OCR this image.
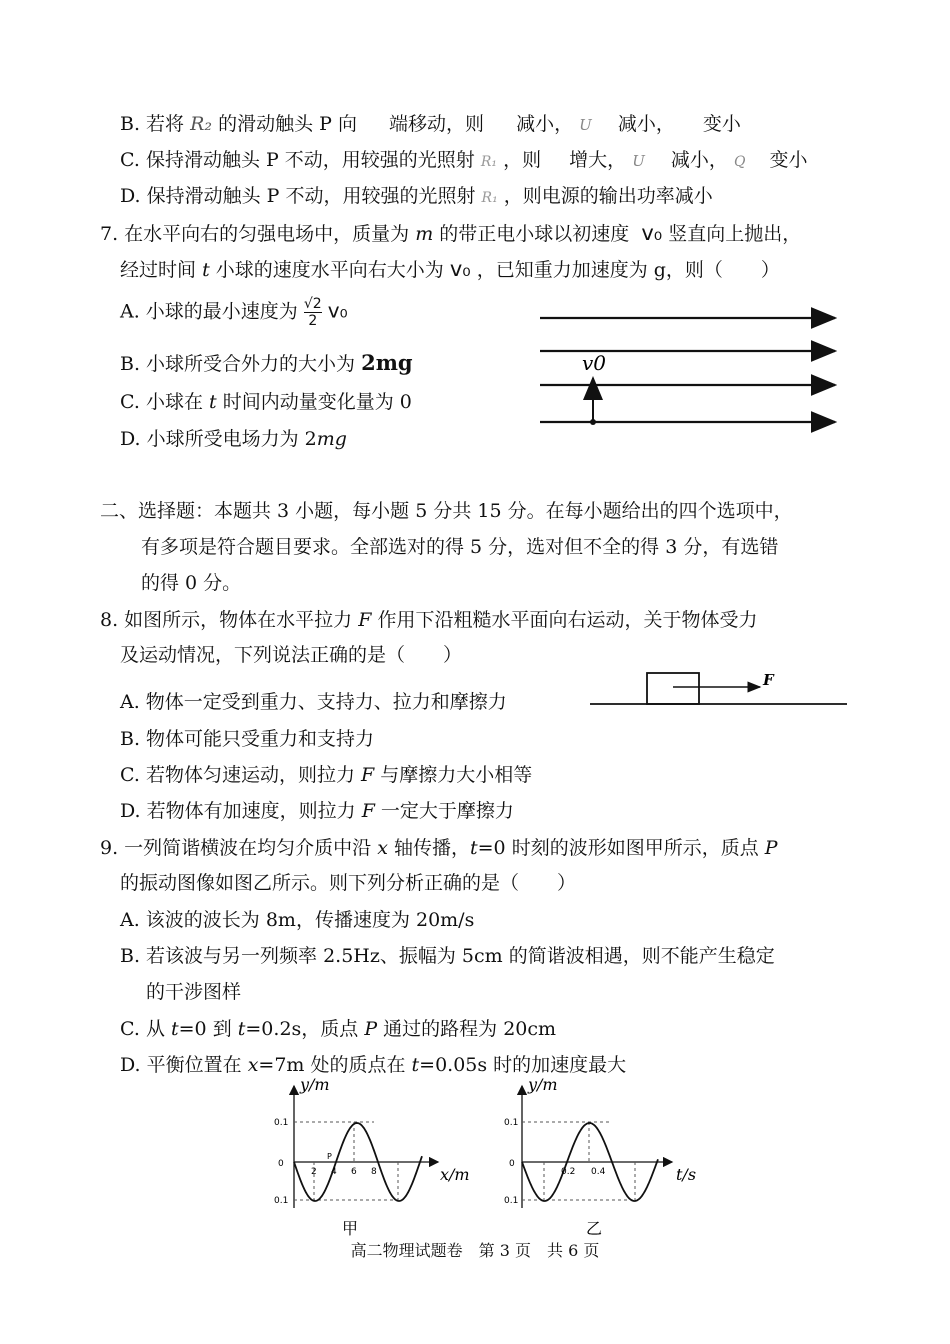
B. 若将 R₂ 的滑动触头 P 向 端移动，则 减小， U 减小， 变小
C. 保持滑动触头 P 不动，用较强的光照射 R₁ ，则 增大， U 减小， Q 变小
D. 保持滑动触头 P 不动，用较强的光照射 R₁ ，则电源的输出功率减小
7. 在水平向右的匀强电场中，质量为 m 的带正电小球以初速度 v₀ 竖直向上抛出，
经过时间 t 小球的速度水平向右大小为 v₀ ，已知重力加速度为 g，则（　　）
A. 小球的最小速度为 $\frac{√2}{2} v_0$
B. 小球所受合外力的大小为 2mg
C. 小球在 t 时间内动量变化量为 0
D. 小球所受电场力为 2mg
v0
二、选择题：本题共 3 小题，每小题 5 分共 15 分。在每小题给出的四个选项中，
有多项是符合题目要求。全部选对的得 5 分，选对但不全的得 3 分，有选错
的得 0 分。
8. 如图所示，物体在水平拉力 F 作用下沿粗糙水平面向右运动，关于物体受力
及运动情况，下列说法正确的是（　　）
A. 物体一定受到重力、支持力、拉力和摩擦力
B. 物体可能只受重力和支持力
C. 若物体匀速运动，则拉力 F 与摩擦力大小相等
D. 若物体有加速度，则拉力 F 一定大于摩擦力
F
9. 一列简谐横波在均匀介质中沿 x 轴传播，t=0 时刻的波形如图甲所示，质点 P
的振动图像如图乙所示。则下列分析正确的是（　　）
A. 该波的波长为 8m，传播速度为 20m/s
B. 若该波与另一列频率 2.5Hz、振幅为 5cm 的简谐波相遇，则不能产生稳定
的干涉图样
C. 从 t=0 到 t=0.2s，质点 P 通过的路程为 20cm
D. 平衡位置在 x=7m 处的质点在 t=0.05s 时的加速度最大
y/m
x/m
0
0.1
0.1
2 4 6 8
P
甲
y/m
t/s
0
0.1
0.1
0.2 0.4
乙
高二物理试题卷　第 3 页　共 6 页
